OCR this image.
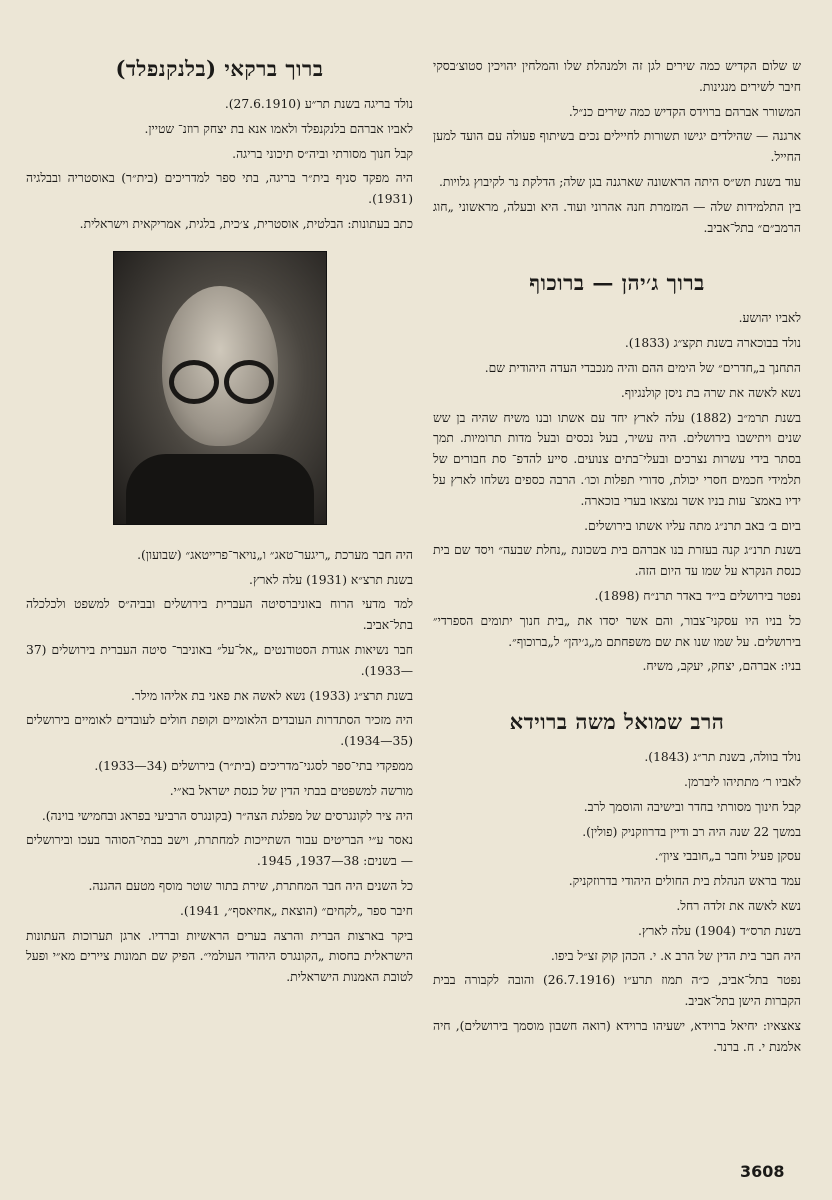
ש שלום הקדיש כמה שירים לגן זה ולמנהלת שלו והמלחין יהויכין סטוצ׳בסקי חיבר לשירים מנגינות.

המשורר אברהם ברוידס הקדיש כמה שירים כנ״ל.

ארגנה — שהילדים יגישו תשורות לחיילים נכים בשיתוף פעולה עם הועד למען החייל.

עוד בשנת תש״ס היתה הראשונה שארגנה בגן שלה; הדלקת נר לקיבוץ גלויות.

בין התלמידות שלה — המזמרת חנה אהרוני ועוד. היא ובעלה, מראשוני „חוג הרמב״ם״ בתל־אביב.

ברוך ג׳יהן — ברוכוף

לאביו יהושע.

נולד בבוכארה בשנת תקצ״ג (1833).

התחנך ב„חדרים״ של הימים ההם והיה מנכבדי העדה היהודית שם.

נשא לאשה את שרה בת ניסן קולנגיוף.

בשנת תרמ״ב (1882) עלה לארץ יחד עם אשתו ובנו משיח שהיה בן שש שנים ויתישבו בירושלים. היה עשיר, בעל נכסים ובעל מדות תרומיות. תמך בסתר בידי עשרות נצרכים ובעלי־בתים צנועים. סייע להדפ־ סת חבורים של תלמידי חכמים חסרי יכולת, סדורי תפלות וכו׳. הרבה כספים נשלחו לארץ על ידיו באמצ־ עות בניו אשר נמצאו בערי בוכארה.

ביום ב׳ באב תרנ״ג מתה עליו אשתו בירושלים.

בשנת תרנ״ג קנה בעזרת בנו אברהם בית בשכונת „נחלת שבעה״ ויסד שם בית כנסת הנקרא על שמו עד היום הזה.

נפטר בירושלים בי״ד באדר תרנ״ח (1898).

כל בניו היו עסקני־צבור, והם אשר יסדו את „בית חנוך יתומים הספרדי״ בירושלים. על שמו שנו את שם משפחתם מ„ג׳יהן״ ל„ברוכוף״.

בניו: אברהם, יצחק, יעקב, משיח.

הרב שמואל משה ברוידא

נולד בוולה, בשנת תר״ג (1843).

לאביו ר׳ מתתיהו ליברמן.

קבל חינוך מסורתי בחדר ובישיבה והוסמך לרב.

במשך 22 שנה היה רב ודיין בדרוזקניק (פולין).

עסקן פעיל וחבר ב„חובבי ציון״.

עמד בראש הנהלת בית החולים היהודי בדרוזקניק.

נשא לאשה את זלדה רחל.

בשנת תרס״ד (1904) עלה לארץ.

היה חבר בית הדין של הרב א. י. הכהן קוק זצ״ל ביפו.

נפטר בתל־אביב, כ״ה תמוז תרע״ו (26.7.1916) והובה לקבורה בבית הקברות הישן בתל־אביב.

צאצאיו: יחיאל ברוידא, ישעיהו ברוידא (רואה חשבון מוסמך בירושלים), חיה אלמנת י. ח. ברנר.

ברוך ברקאי (בלנקנפלד)

נולד בריגה בשנת תר״ע (27.6.1910).

לאביו אברהם בלנקנפלד ולאמו אנא בת יצחק רוזנ־ שטיין.

קבל חנוך מסורתי וביה״ס תיכוני בריגה.

היה מפקד סניף בית״ר בריגה, בתי ספר למדריכים (בית״ר) באוסטריה ובבלגיה (1931).

כתב בעתונות: הבלטית, אוסטרית, צ׳כית, בלגית, אמריקאית וישראלית.

היה חבר מערכת „ריגער־טאג״ ו„נויאר־פרייטאג״ (שבועון).

בשנת תרצ״א (1931) עלה לארץ.

למד מדעי הרוח באוניברסיטה העברית בירושלים ובביה״ס למשפט ולכלכלה בתל־אביב.

חבר נשיאות אגודת הסטודנטים „אל־על״ באוניבר־ סיטה העברית בירושלים (37—1933).

בשנת תרצ״ג (1933) נשא לאשה את פאני בת אליהו מילר.

היה מזכיר הסתדרות העובדים הלאומיים וקופת חולים לעובדים לאומיים בירושלים (35—1934).

ממפקדי בתי־ספר לסגני־מדריכים (בית״ר) בירושלים (34—1933).

מורשה למשפטים בבתי הדין של כנסת ישראל בא״י.

היה ציר לקונגרסים של מפלגת הצה״ר (בקונגרס הרביעי בפראג ובחמישי בוינה).

נאסר ע״י הבריטים עבור השתייכות למחתרת, וישב בבתי־הסוהר בעכו ובירושלים — בשנים: 38—1937, 1945.

כל השנים היה חבר המחתרת, שירת בתור שוטר מוסף מטעם ההגנה.

חיבר ספר „לקחים״ (הוצאת „אחיאסף״, 1941).

ביקר בארצות הברית והרצה בערים הראשיות וברדיו. ארגן תערוכות העתונות הישראלית בחסות „הקונגרס היהודי העולמי״. הפיק שם תמונות ציירים מא״י ופעל לטובת האמנות הישראלית.

3608
